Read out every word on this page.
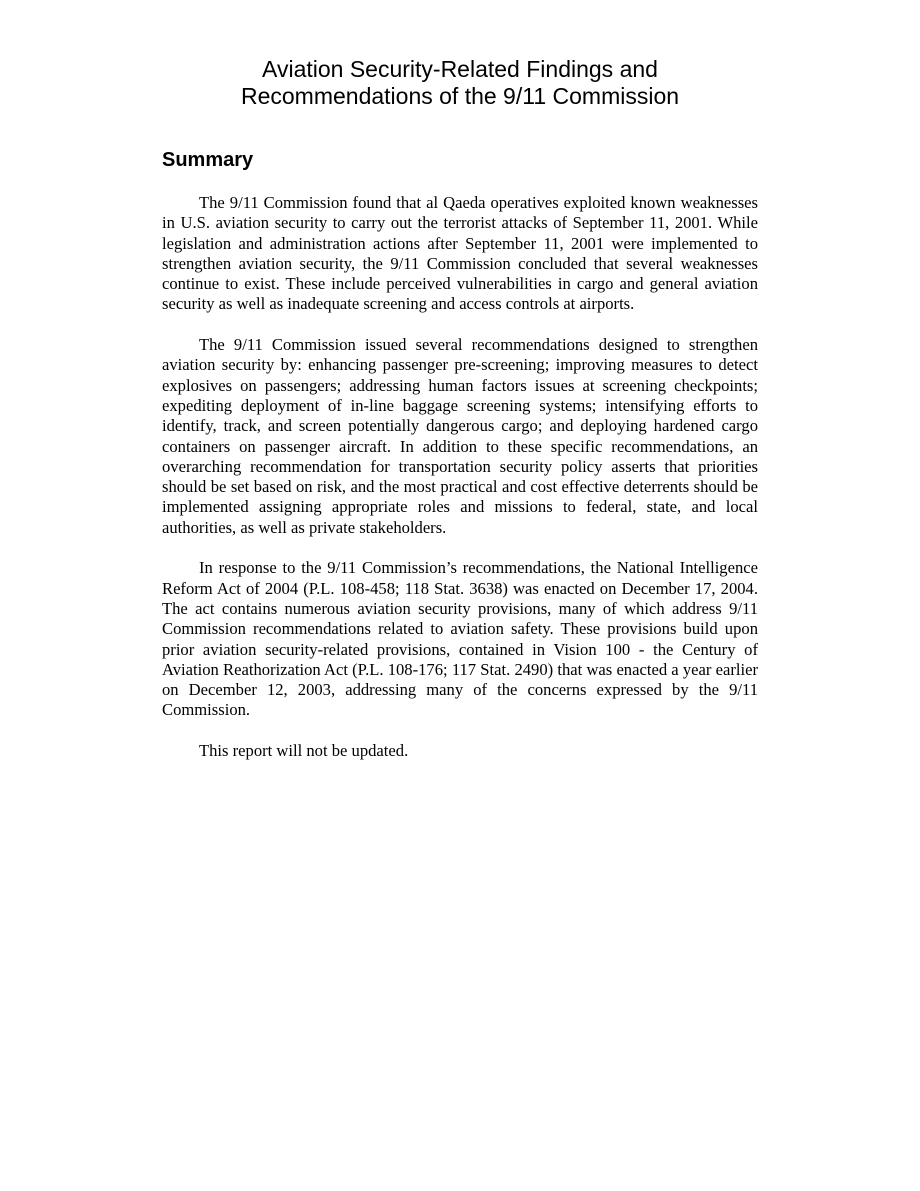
Aviation Security-Related Findings and
Recommendations of the 9/11 Commission
Summary

The 9/11 Commission found that al Qaeda operatives exploited known weaknesses in U.S. aviation security to carry out the terrorist attacks of September 11, 2001. While legislation and administration actions after September 11, 2001 were implemented to strengthen aviation security, the 9/11 Commission concluded that several weaknesses continue to exist. These include perceived vulnerabilities in cargo and general aviation security as well as inadequate screening and access controls at airports.

The 9/11 Commission issued several recommendations designed to strengthen aviation security by: enhancing passenger pre-screening; improving measures to detect explosives on passengers; addressing human factors issues at screening checkpoints; expediting deployment of in-line baggage screening systems; intensifying efforts to identify, track, and screen potentially dangerous cargo; and deploying hardened cargo containers on passenger aircraft. In addition to these specific recommendations, an overarching recommendation for transportation security policy asserts that priorities should be set based on risk, and the most practical and cost effective deterrents should be implemented assigning appropriate roles and missions to federal, state, and local authorities, as well as private stakeholders.

In response to the 9/11 Commission’s recommendations, the National Intelligence Reform Act of 2004 (P.L. 108-458; 118 Stat. 3638) was enacted on December 17, 2004. The act contains numerous aviation security provisions, many of which address 9/11 Commission recommendations related to aviation safety. These provisions build upon prior aviation security-related provisions, contained in Vision 100 - the Century of Aviation Reathorization Act (P.L. 108-176; 117 Stat. 2490) that was enacted a year earlier on December 12, 2003, addressing many of the concerns expressed by the 9/11 Commission.

This report will not be updated.
